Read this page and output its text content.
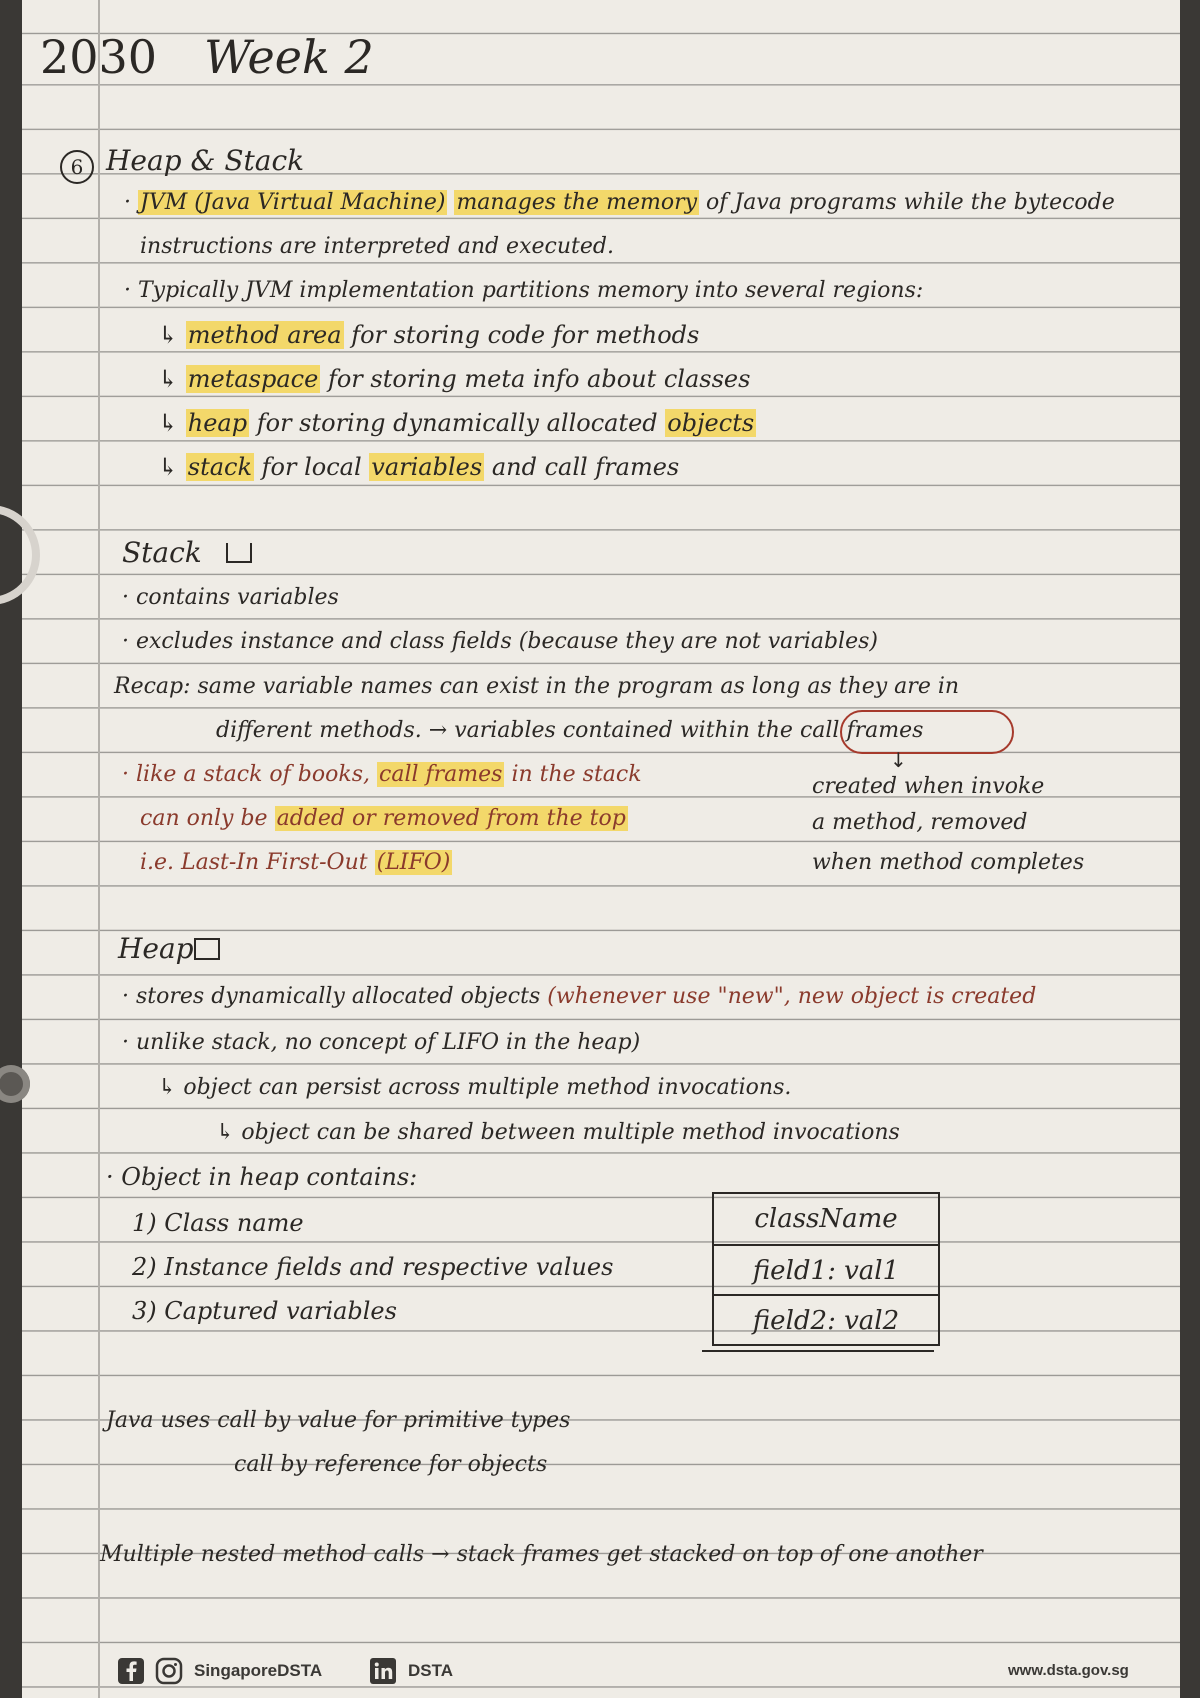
2030 Week 2
6 Heap & Stack
· JVM (Java Virtual Machine) manages the memory of Java programs while the bytecode
instructions are interpreted and executed.
· Typically JVM implementation partitions memory into several regions:
↳ method area for storing code for methods
↳ metaspace for storing meta info about classes
↳ heap for storing dynamically allocated objects
↳ stack for local variables and call frames
Stack
· contains variables
· excludes instance and class fields (because they are not variables)
Recap: same variable names can exist in the program as long as they are in
different methods. → variables contained within the call frames
↓
· like a stack of books, call frames in the stack
can only be added or removed from the top
i.e. Last-In First-Out (LIFO)
created when invoke
a method, removed
when method completes
Heap
· stores dynamically allocated objects (whenever use "new", new object is created
· unlike stack, no concept of LIFO in the heap)
↳ object can persist across multiple method invocations.
↳ object can be shared between multiple method invocations
· Object in heap contains:
1) Class name
2) Instance fields and respective values
3) Captured variables
className
field1: val1
field2: val2
Java uses call by value for primitive types
call by reference for objects
Multiple nested method calls → stack frames get stacked on top of one another
SingaporeDSTA	DSTA	www.dsta.gov.sg
